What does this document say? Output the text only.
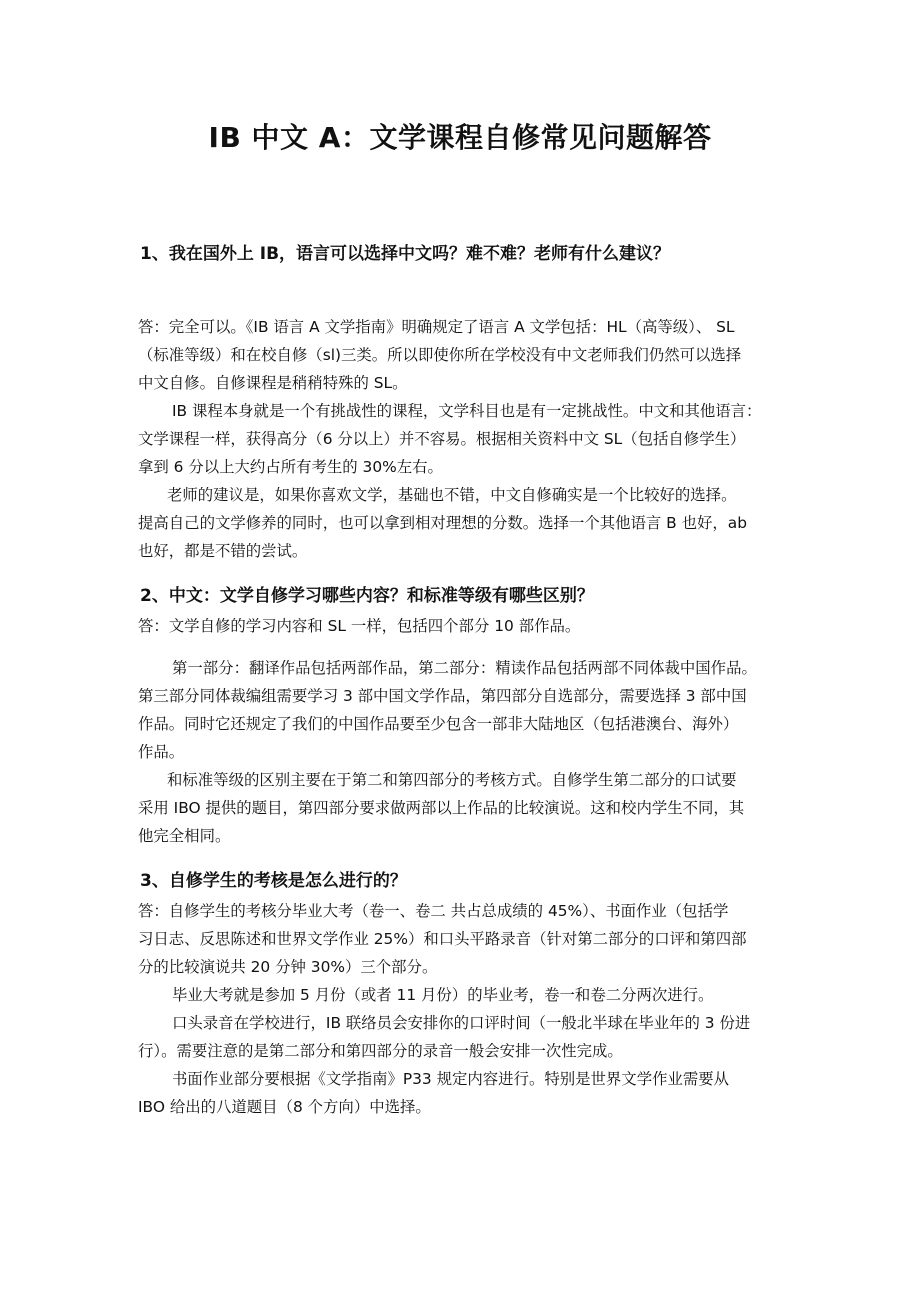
IB 中文 A：文学课程自修常见问题解答
1、我在国外上 IB，语言可以选择中文吗？难不难？老师有什么建议？
答：完全可以。《IB 语言 A 文学指南》明确规定了语言 A 文学包括：HL（高等级）、 SL
（标准等级）和在校自修（sl)三类。所以即使你所在学校没有中文老师我们仍然可以选择
中文自修。自修课程是稍稍特殊的 SL。
IB 课程本身就是一个有挑战性的课程，文学科目也是有一定挑战性。中文和其他语言：
文学课程一样，获得高分（6 分以上）并不容易。根据相关资料中文 SL（包括自修学生）
拿到 6 分以上大约占所有考生的 30%左右。
老师的建议是，如果你喜欢文学，基础也不错，中文自修确实是一个比较好的选择。
提高自己的文学修养的同时，也可以拿到相对理想的分数。选择一个其他语言 B 也好，ab
也好，都是不错的尝试。
2、中文：文学自修学习哪些内容？和标准等级有哪些区别？
答：文学自修的学习内容和 SL 一样，包括四个部分 10 部作品。
第一部分：翻译作品包括两部作品，第二部分：精读作品包括两部不同体裁中国作品。
第三部分同体裁编组需要学习 3 部中国文学作品，第四部分自选部分，需要选择 3 部中国
作品。同时它还规定了我们的中国作品要至少包含一部非大陆地区（包括港澳台、海外）
作品。
和标准等级的区别主要在于第二和第四部分的考核方式。自修学生第二部分的口试要
采用 IBO 提供的题目，第四部分要求做两部以上作品的比较演说。这和校内学生不同，其
他完全相同。
3、自修学生的考核是怎么进行的？
答：自修学生的考核分毕业大考（卷一、卷二 共占总成绩的 45%）、书面作业（包括学
习日志、反思陈述和世界文学作业 25%）和口头平路录音（针对第二部分的口评和第四部
分的比较演说共 20 分钟 30%）三个部分。
毕业大考就是参加 5 月份（或者 11 月份）的毕业考，卷一和卷二分两次进行。
口头录音在学校进行，IB 联络员会安排你的口评时间（一般北半球在毕业年的 3 份进
行）。需要注意的是第二部分和第四部分的录音一般会安排一次性完成。
书面作业部分要根据《文学指南》P33 规定内容进行。特别是世界文学作业需要从
IBO 给出的八道题目（8 个方向）中选择。
